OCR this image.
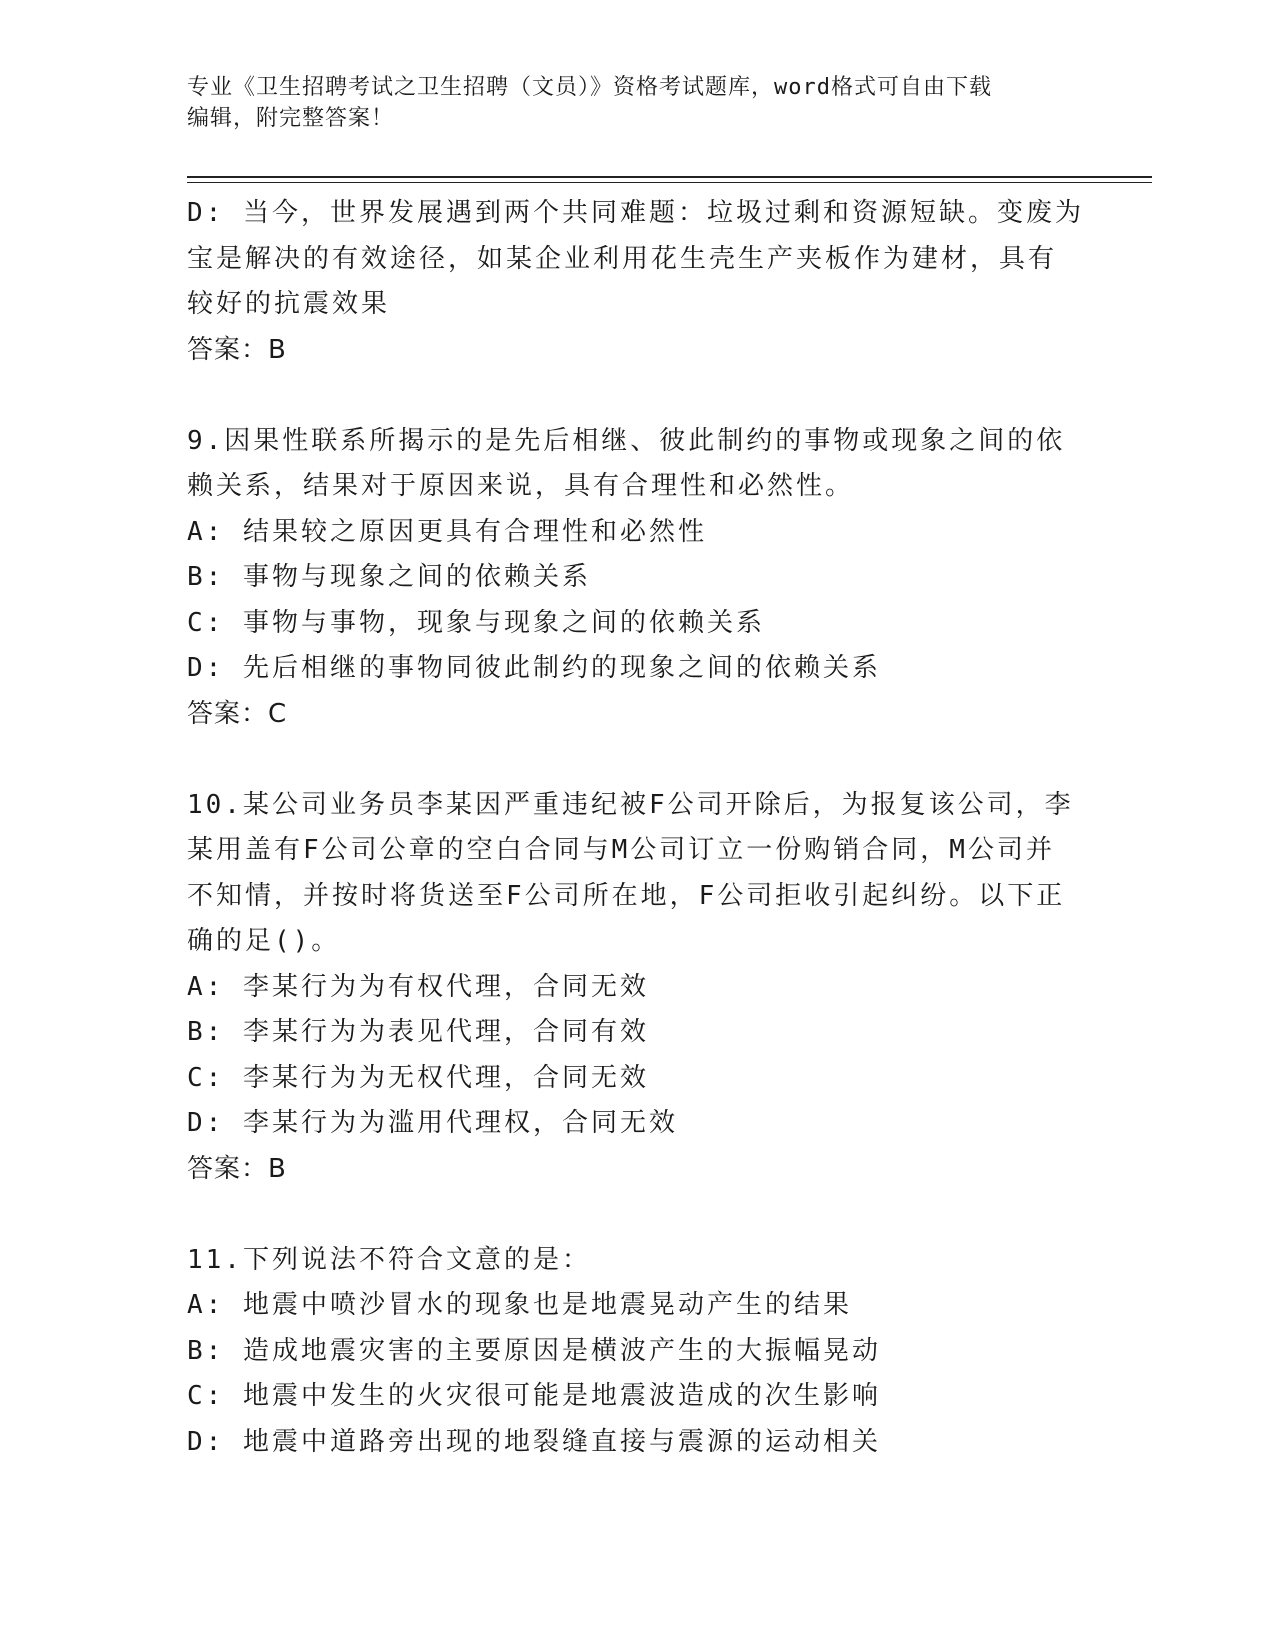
专业《卫生招聘考试之卫生招聘（文员）》资格考试题库，word格式可自由下载
编辑，附完整答案！
D: 当今，世界发展遇到两个共同难题：垃圾过剩和资源短缺。变废为
宝是解决的有效途径，如某企业利用花生壳生产夹板作为建材，具有
较好的抗震效果
答案：B
9.因果性联系所揭示的是先后相继、彼此制约的事物或现象之间的依
赖关系，结果对于原因来说，具有合理性和必然性。
A: 结果较之原因更具有合理性和必然性
B: 事物与现象之间的依赖关系
C: 事物与事物，现象与现象之间的依赖关系
D: 先后相继的事物同彼此制约的现象之间的依赖关系
答案：C
10.某公司业务员李某因严重违纪被F公司开除后，为报复该公司，李
某用盖有F公司公章的空白合同与M公司订立一份购销合同，M公司并
不知情，并按时将货送至F公司所在地，F公司拒收引起纠纷。以下正
确的足()。
A: 李某行为为有权代理，合同无效
B: 李某行为为表见代理，合同有效
C: 李某行为为无权代理，合同无效
D: 李某行为为滥用代理权，合同无效
答案：B
11.下列说法不符合文意的是：
A: 地震中喷沙冒水的现象也是地震晃动产生的结果
B: 造成地震灾害的主要原因是横波产生的大振幅晃动
C: 地震中发生的火灾很可能是地震波造成的次生影响
D: 地震中道路旁出现的地裂缝直接与震源的运动相关
